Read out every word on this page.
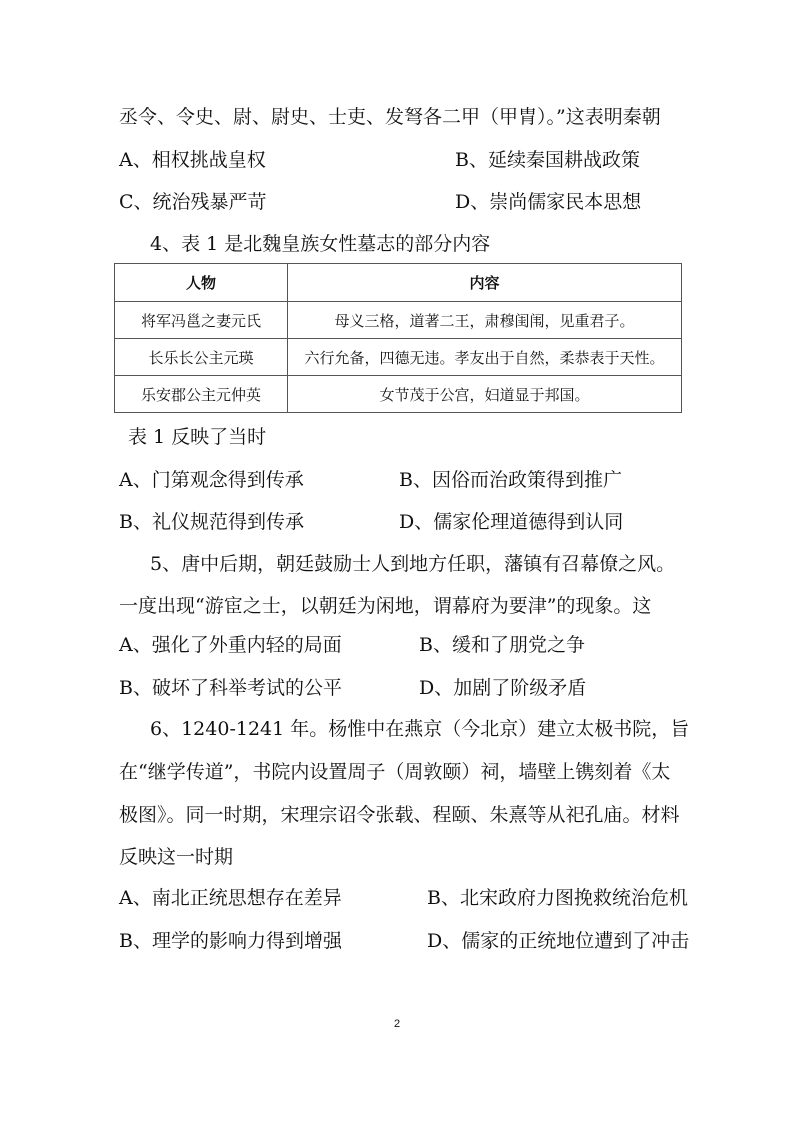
丞令、令史、尉、尉史、士吏、发弩各二甲（甲胄）。”这表明秦朝
A、相权挑战皇权	B、延续秦国耕战政策
C、统治残暴严苛	D、崇尚儒家民本思想
4、表 1 是北魏皇族女性墓志的部分内容
人物	内容
将军冯邕之妻元氏	母义三格，道著二王，肃穆闺闱，见重君子。
长乐长公主元瑛	六行允备，四德无违。孝友出于自然，柔恭表于天性。
乐安郡公主元仲英	女节茂于公宫，妇道显于邦国。
表 1 反映了当时
A、门第观念得到传承	B、因俗而治政策得到推广
B、礼仪规范得到传承	D、儒家伦理道德得到认同
5、唐中后期，朝廷鼓励士人到地方任职，藩镇有召幕僚之风。
一度出现“游宦之士，以朝廷为闲地，谓幕府为要津”的现象。这
A、强化了外重内轻的局面	B、缓和了朋党之争
B、破坏了科举考试的公平	D、加剧了阶级矛盾
6、1240-1241 年。杨惟中在燕京（今北京）建立太极书院，旨
在“继学传道”，书院内设置周子（周敦颐）祠，墙壁上镌刻着《太
极图》。同一时期，宋理宗诏令张载、程颐、朱熹等从祀孔庙。材料
反映这一时期
A、南北正统思想存在差异	B、北宋政府力图挽救统治危机
B、理学的影响力得到增强	D、儒家的正统地位遭到了冲击
2
